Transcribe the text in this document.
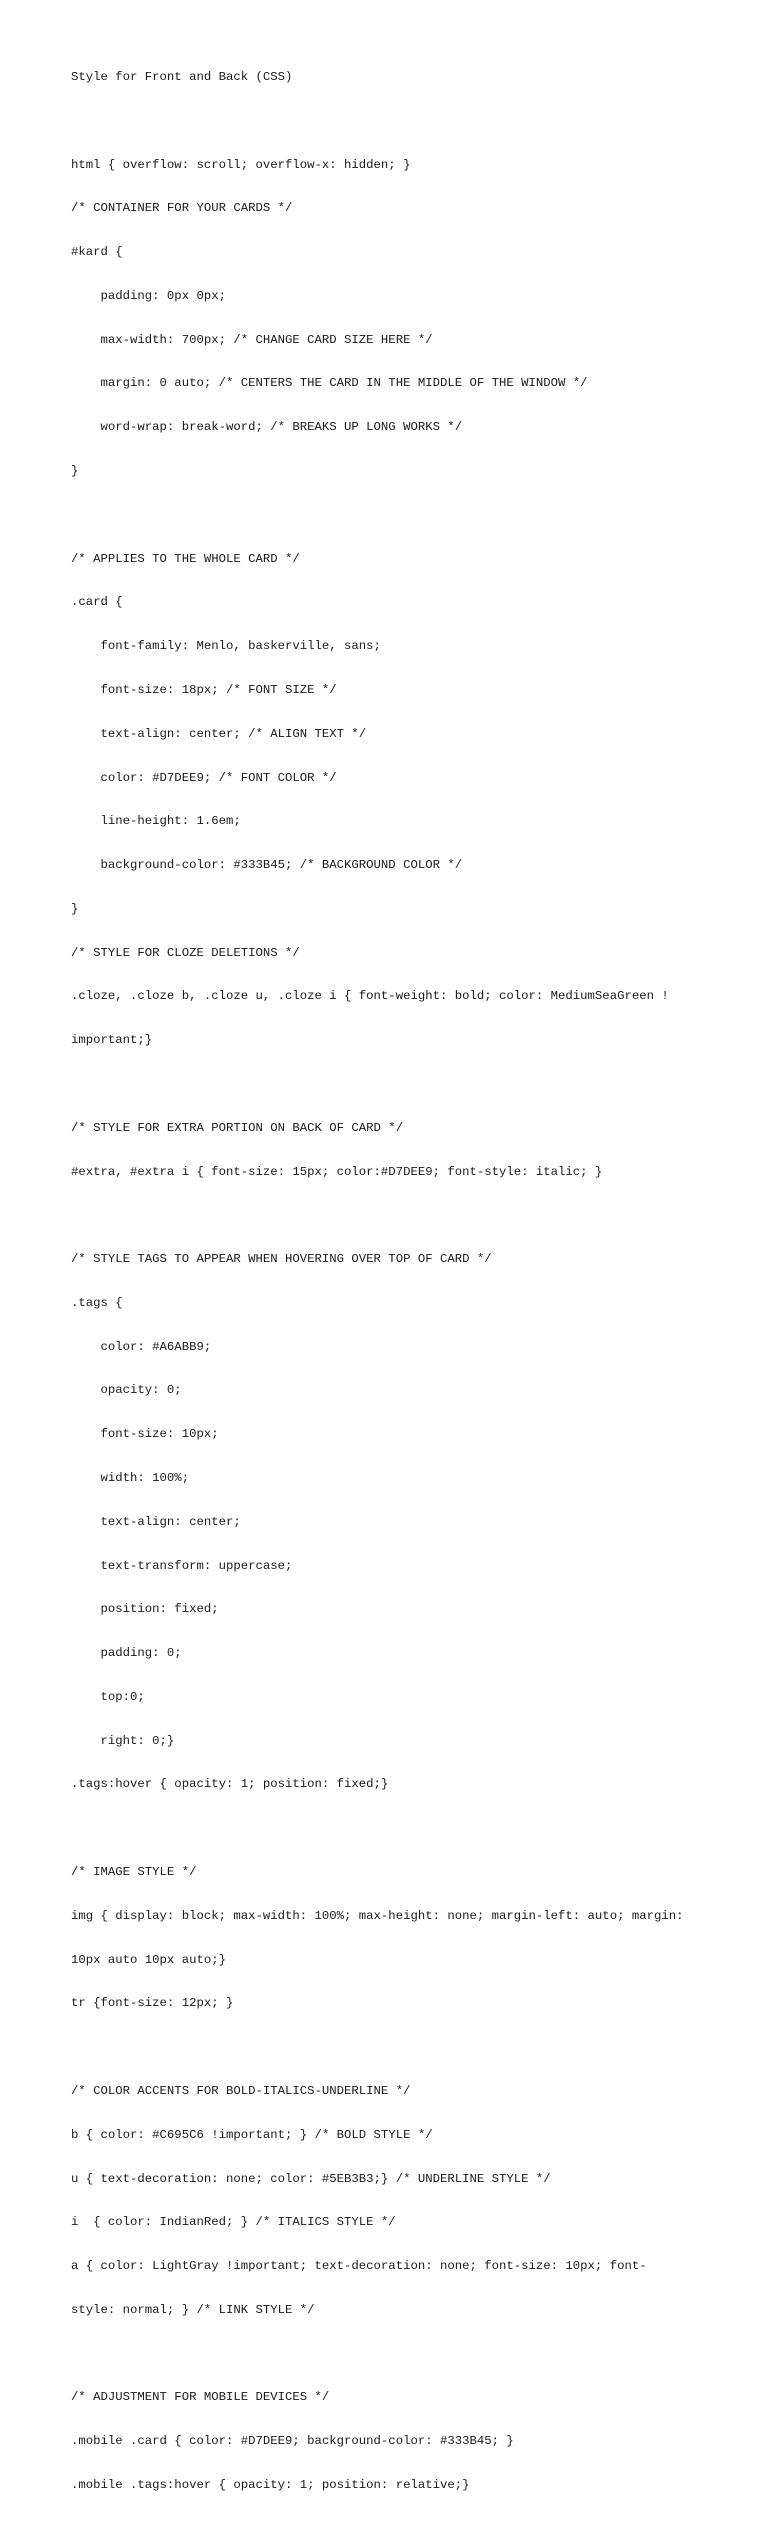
Style for Front and Back (CSS)

html { overflow: scroll; overflow-x: hidden; }

/* CONTAINER FOR YOUR CARDS */

#kard {

padding: 0px 0px;

max-width: 700px; /* CHANGE CARD SIZE HERE */

margin: 0 auto; /* CENTERS THE CARD IN THE MIDDLE OF THE WINDOW */

word-wrap: break-word; /* BREAKS UP LONG WORKS */

}

/* APPLIES TO THE WHOLE CARD */

.card {

font-family: Menlo, baskerville, sans;

font-size: 18px; /* FONT SIZE */

text-align: center; /* ALIGN TEXT */

color: #D7DEE9; /* FONT COLOR */

line-height: 1.6em;

background-color: #333B45; /* BACKGROUND COLOR */

}

/* STYLE FOR CLOZE DELETIONS */

.cloze, .cloze b, .cloze u, .cloze i { font-weight: bold; color: MediumSeaGreen !

important;}

/* STYLE FOR EXTRA PORTION ON BACK OF CARD */

#extra, #extra i { font-size: 15px; color:#D7DEE9; font-style: italic; }

/* STYLE TAGS TO APPEAR WHEN HOVERING OVER TOP OF CARD */

.tags {

color: #A6ABB9;

opacity: 0;

font-size: 10px;

width: 100%;

text-align: center;

text-transform: uppercase;

position: fixed;

padding: 0;

top:0;

right: 0;}

.tags:hover { opacity: 1; position: fixed;}

/* IMAGE STYLE */

img { display: block; max-width: 100%; max-height: none; margin-left: auto; margin:

10px auto 10px auto;}

tr {font-size: 12px; }

/* COLOR ACCENTS FOR BOLD-ITALICS-UNDERLINE */

b { color: #C695C6 !important; } /* BOLD STYLE */

u { text-decoration: none; color: #5EB3B3;} /* UNDERLINE STYLE */

i  { color: IndianRed; } /* ITALICS STYLE */

a { color: LightGray !important; text-decoration: none; font-size: 10px; font-

style: normal; } /* LINK STYLE */

/* ADJUSTMENT FOR MOBILE DEVICES */

.mobile .card { color: #D7DEE9; background-color: #333B45; }

.mobile .tags:hover { opacity: 1; position: relative;}
